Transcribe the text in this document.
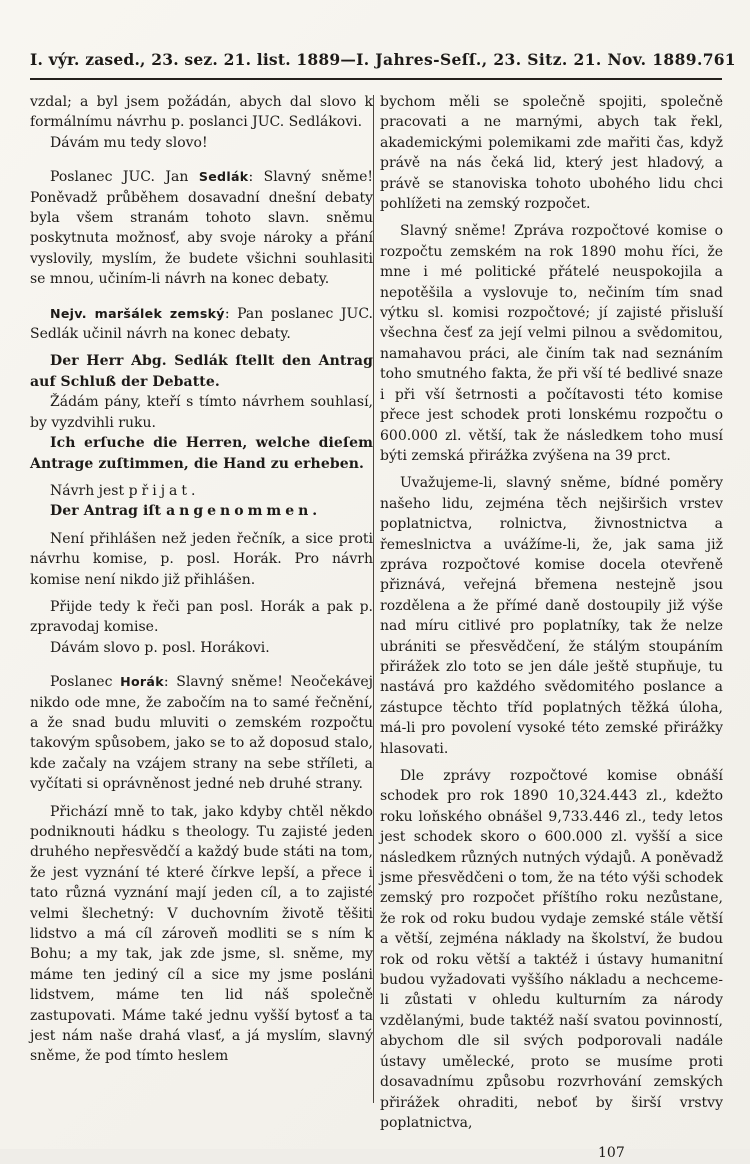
I. výr. zased., 23. sez. 21. list. 1889 — I. Jahres-Seſſ., 23. Sitz. 21. Nov. 1889. 761

vzdal; a byl jsem požádán, abych dal slovo k formálnímu návrhu p. poslanci JUC. Sedlákovi.

Dávám mu tedy slovo!

Poslanec JUC. Jan Sedlák: Slavný sněme! Poněvadž průběhem dosavadní dnešní debaty byla všem stranám tohoto slavn. sněmu poskytnuta možnosť, aby svoje nároky a přání vyslovily, myslím, že budete všichni souhlasiti se mnou, učiním-li návrh na konec debaty.

Nejv. maršálek zemský: Pan poslanec JUC. Sedlák učinil návrh na konec debaty.

Der Herr Abg. Sedlák ſtellt den Antrag auf Schluß der Debatte.

Žádám pány, kteří s tímto návrhem souhlasí, by vyzdvihli ruku.

Ich erſuche die Herren, welche dieſem Antrage zuſtimmen, die Hand zu erheben.

Návrh jest přijat.

Der Antrag iſt angenommen.

Není přihlášen než jeden řečník, a sice proti návrhu komise, p. posl. Horák. Pro návrh komise není nikdo již přihlášen.

Přijde tedy k řeči pan posl. Horák a pak p. zpravodaj komise.

Dávám slovo p. posl. Horákovi.

Poslanec Horák: Slavný sněme! Neočekávej nikdo ode mne, že zabočím na to samé řečnění, a že snad budu mluviti o zemském rozpočtu takovým spůsobem, jako se to až doposud stalo, kde začaly na vzájem strany na sebe stříleti, a vyčítati si oprávněnost jedné neb druhé strany.

Přichází mně to tak, jako kdyby chtěl někdo podniknouti hádku s theology. Tu zajisté jeden druhého nepřesvědčí a každý bude státi na tom, že jest vyznání té které čírkve lepší, a přece i tato různá vyznání mají jeden cíl, a to zajisté velmi šlechetný: V duchovním životě těšiti lidstvo a má cíl zároveň modliti se s ním k Bohu; a my tak, jak zde jsme, sl. sněme, my máme ten jediný cíl a sice my jsme posláni lidstvem, máme ten lid náš společně zastupovati. Máme také jednu vyšší bytosť a ta jest nám naše drahá vlasť, a já myslím, slavný sněme, že pod tímto heslem

bychom měli se společně spojiti, společně pracovati a ne marnými, abych tak řekl, akademickými polemikami zde mařiti čas, když právě na nás čeká lid, který jest hladový, a právě se stanoviska tohoto ubohého lidu chci pohlížeti na zemský rozpočet.

Slavný sněme! Zpráva rozpočtové komise o rozpočtu zemském na rok 1890 mohu říci, že mne i mé politické přátelé neuspokojila a nepotěšila a vyslovuje to, nečiním tím snad výtku sl. komisi rozpočtové; jí zajisté přisluší všechna česť za její velmi pilnou a svědomitou, namahavou práci, ale činím tak nad seznáním toho smutného fakta, že při vší té bedlivé snaze i při vší šetrnosti a počítavosti této komise přece jest schodek proti lonskému rozpočtu o 600.000 zl. větší, tak že následkem toho musí býti zemská přirážka zvýšena na 39 prct.

Uvažujeme-li, slavný sněme, bídné poměry našeho lidu, zejména těch nejširšich vrstev poplatnictva, rolnictva, živnostnictva a řemeslnictva a uvážíme-li, že, jak sama již zpráva rozpočtové komise docela otevřeně přiznává, veřejná břemena nestejně jsou rozdělena a že přímé daně dostoupily již výše nad míru citlivé pro poplatníky, tak že nelze ubrániti se přesvědčení, že stálým stoupáním přirážek zlo toto se jen dále ještě stupňuje, tu nastává pro každého svědomitého poslance a zástupce těchto tříd poplatných těžká úloha, má-li pro povolení vysoké této zemské přirážky hlasovati.

Dle zprávy rozpočtové komise obnáší schodek pro rok 1890 10,324.443 zl., kdežto roku loňského obnášel 9,733.446 zl., tedy letos jest schodek skoro o 600.000 zl. vyšší a sice následkem různých nutných výdajů. A poněvadž jsme přesvědčeni o tom, že na této výši schodek zemský pro rozpočet příštího roku nezůstane, že rok od roku budou vydaje zemské stále větší a větší, zejména náklady na školství, že budou rok od roku větší a taktéž i ústavy humanitní budou vyžadovati vyššího nákladu a nechceme-li zůstati v ohledu kulturním za národy vzdělanými, bude taktéž naší svatou povinností, abychom dle sil svých podporovali nadále ústavy umělecké, proto se musíme proti dosavadnímu způsobu rozvrhování zemských přirážek ohraditi, neboť by širší vrstvy poplatnictva,

107
